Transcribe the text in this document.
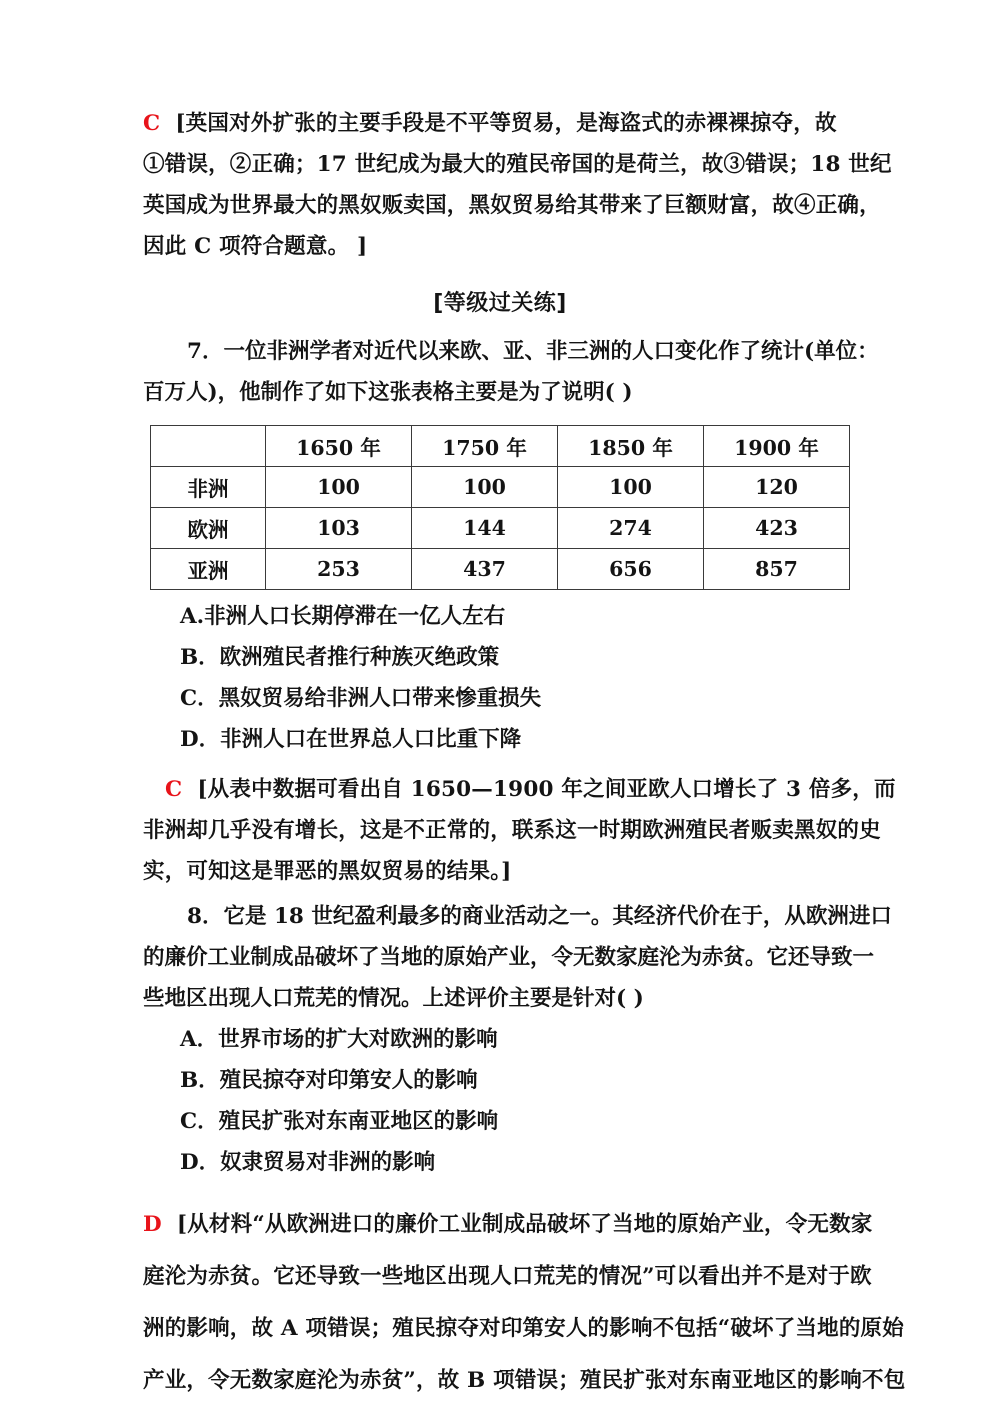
C [英国对外扩张的主要手段是不平等贸易，是海盗式的赤裸裸掠夺，故
①错误，②正确；17 世纪成为最大的殖民帝国的是荷兰，故③错误；18 世纪
英国成为世界最大的黑奴贩卖国，黑奴贸易给其带来了巨额财富，故④正确，
因此 C 项符合题意。 ]
[等级过关练]
7．一位非洲学者对近代以来欧、亚、非三洲的人口变化作了统计(单位：
百万人)，他制作了如下这张表格主要是为了说明( )
	1650 年	1750 年	1850 年	1900 年
非洲	100	100	100	120
欧洲	103	144	274	423
亚洲	253	437	656	857
A.非洲人口长期停滞在一亿人左右
B．欧洲殖民者推行种族灭绝政策
C．黑奴贸易给非洲人口带来惨重损失
D．非洲人口在世界总人口比重下降
C [从表中数据可看出自 1650—1900 年之间亚欧人口增长了 3 倍多，而
非洲却几乎没有增长，这是不正常的，联系这一时期欧洲殖民者贩卖黑奴的史
实，可知这是罪恶的黑奴贸易的结果。]
8．它是 18 世纪盈利最多的商业活动之一。其经济代价在于，从欧洲进口
的廉价工业制成品破坏了当地的原始产业，令无数家庭沦为赤贫。它还导致一
些地区出现人口荒芜的情况。上述评价主要是针对( )
A．世界市场的扩大对欧洲的影响
B．殖民掠夺对印第安人的影响
C．殖民扩张对东南亚地区的影响
D．奴隶贸易对非洲的影响
D [从材料“从欧洲进口的廉价工业制成品破坏了当地的原始产业，令无数家
庭沦为赤贫。它还导致一些地区出现人口荒芜的情况”可以看出并不是对于欧
洲的影响，故 A 项错误；殖民掠夺对印第安人的影响不包括“破坏了当地的原始
产业，令无数家庭沦为赤贫”，故 B 项错误；殖民扩张对东南亚地区的影响不包
